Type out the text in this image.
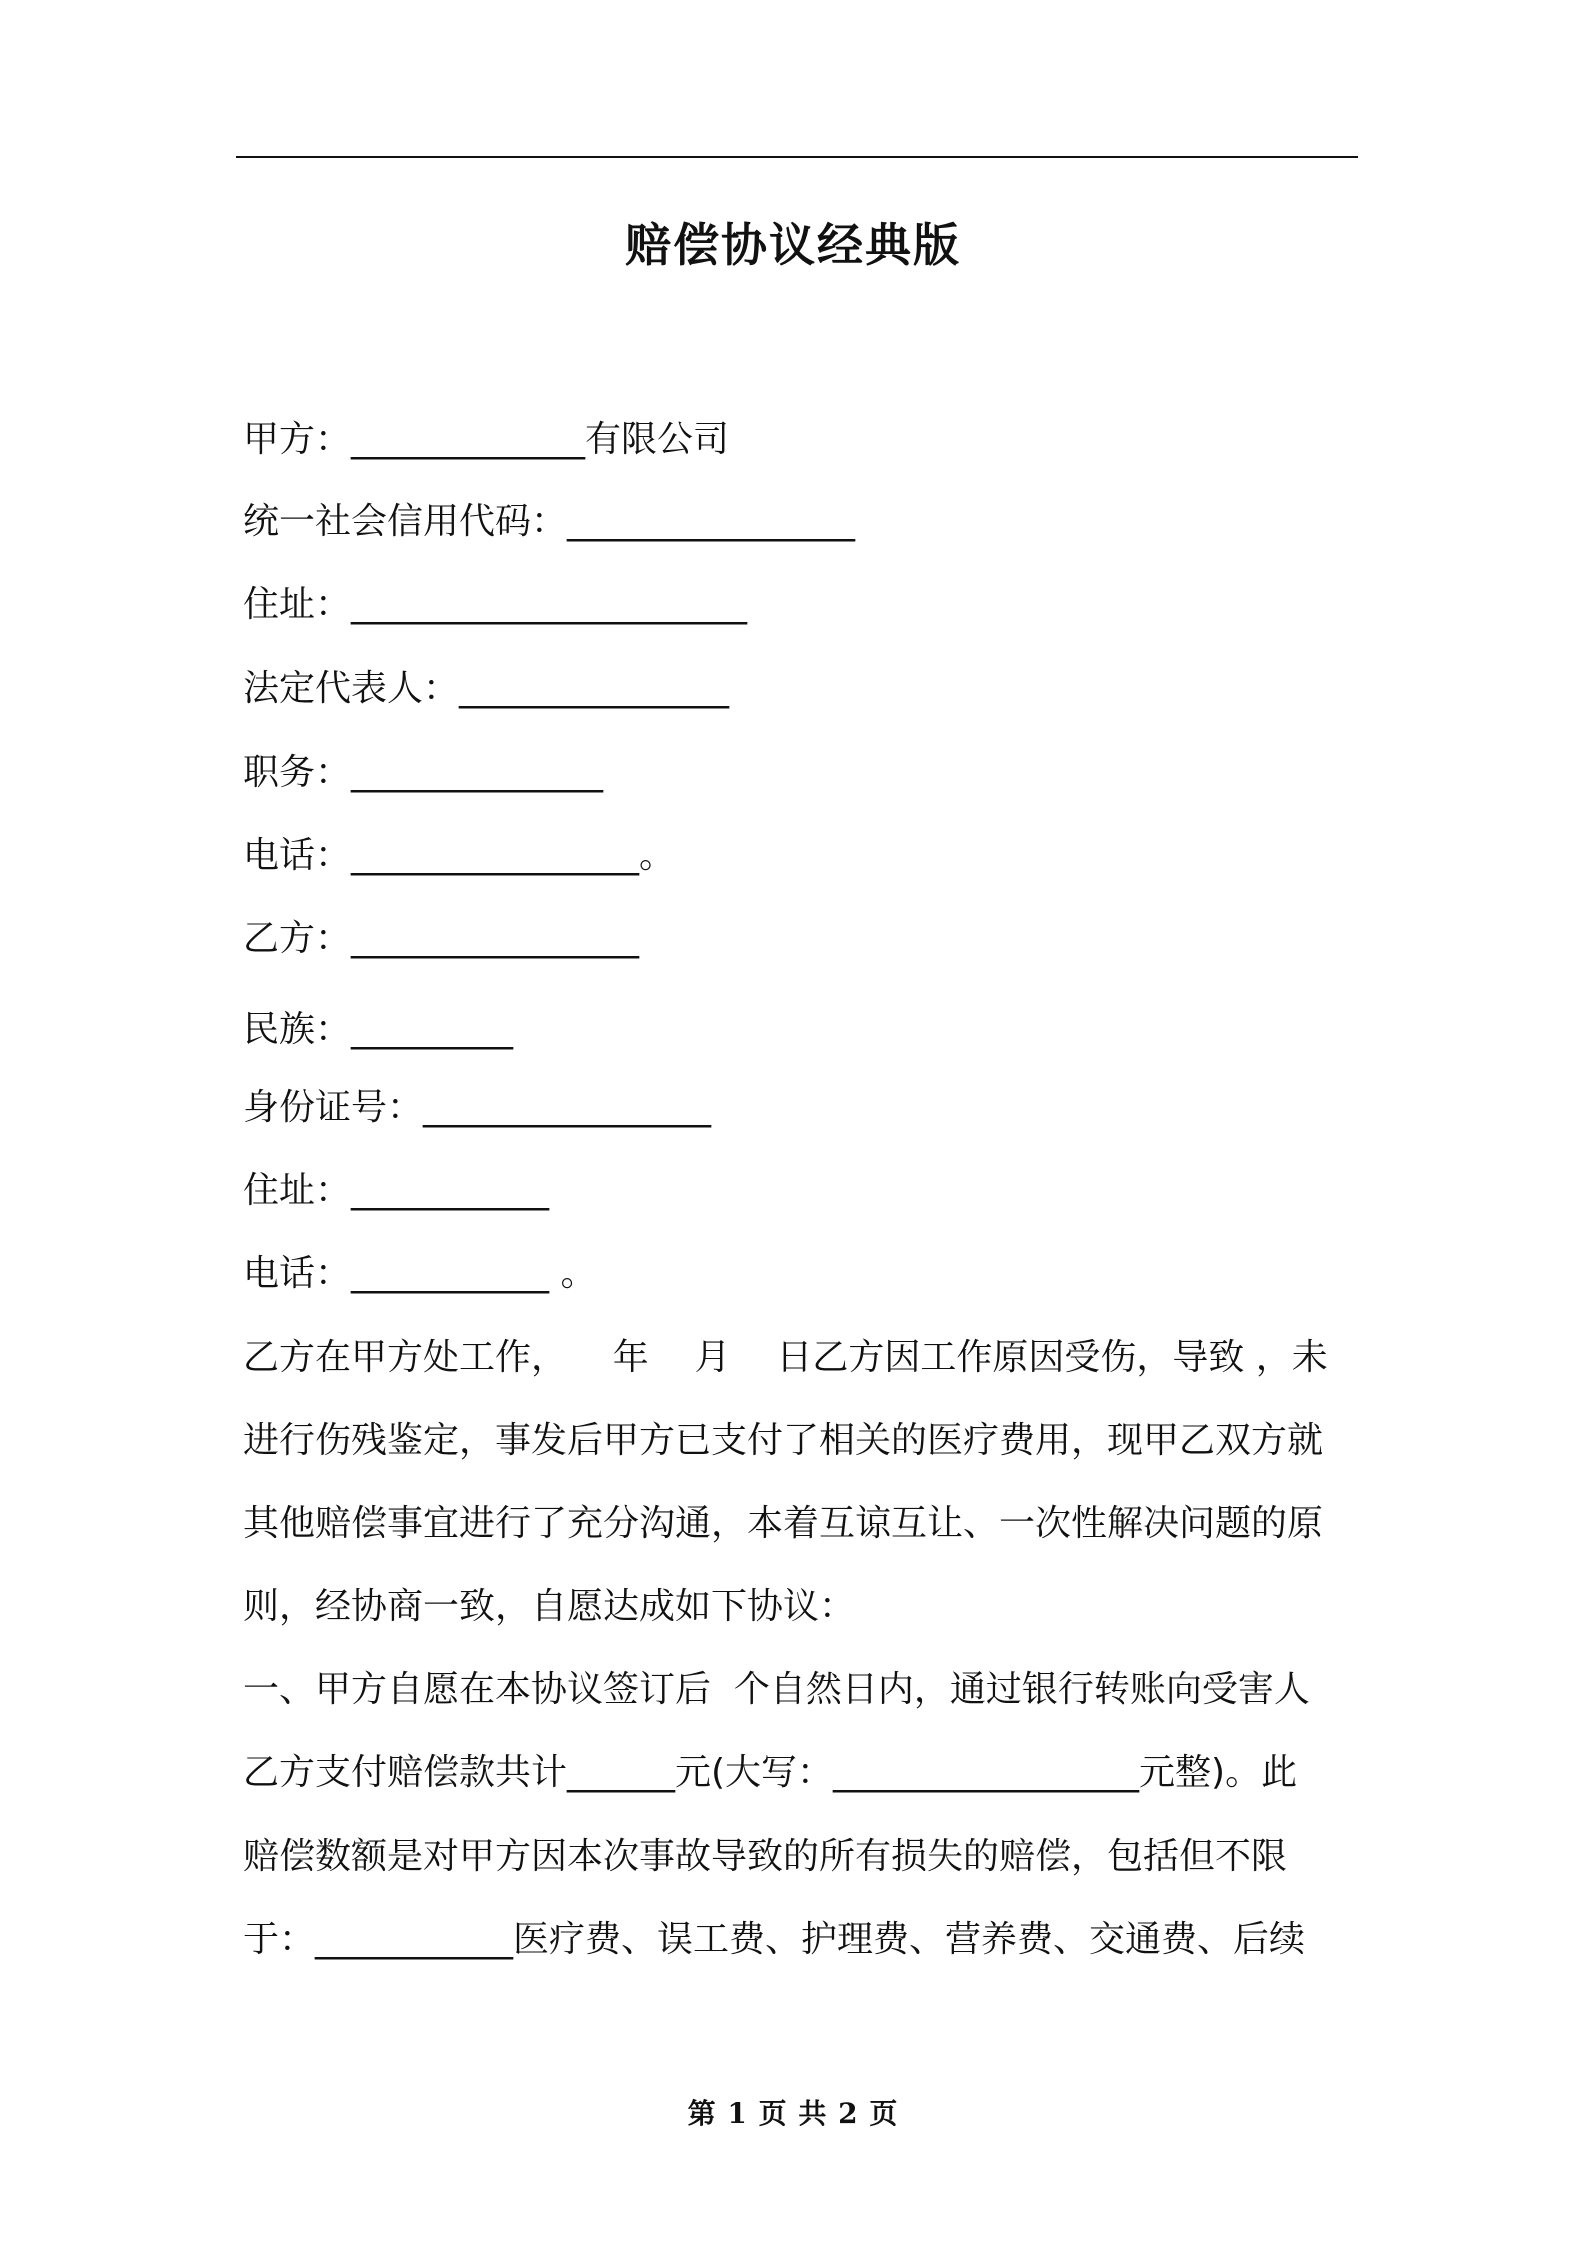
赔偿协议经典版
甲方：_____________有限公司
统一社会信用代码：________________
住址：______________________
法定代表人：_______________
职务：______________
电话：________________。
乙方：________________
民族：_________
身份证号：________________
住址：___________
电话：___________ 。
乙方在甲方处工作，    年    月    日乙方因工作原因受伤，导致 ，未
进行伤残鉴定，事发后甲方已支付了相关的医疗费用，现甲乙双方就
其他赔偿事宜进行了充分沟通，本着互谅互让、一次性解决问题的原
则，经协商一致，自愿达成如下协议：
一、甲方自愿在本协议签订后  个自然日内，通过银行转账向受害人
乙方支付赔偿款共计______元(大写：_________________元整)。此
赔偿数额是对甲方因本次事故导致的所有损失的赔偿，包括但不限
于：___________医疗费、误工费、护理费、营养费、交通费、后续
第 1 页 共 2 页
